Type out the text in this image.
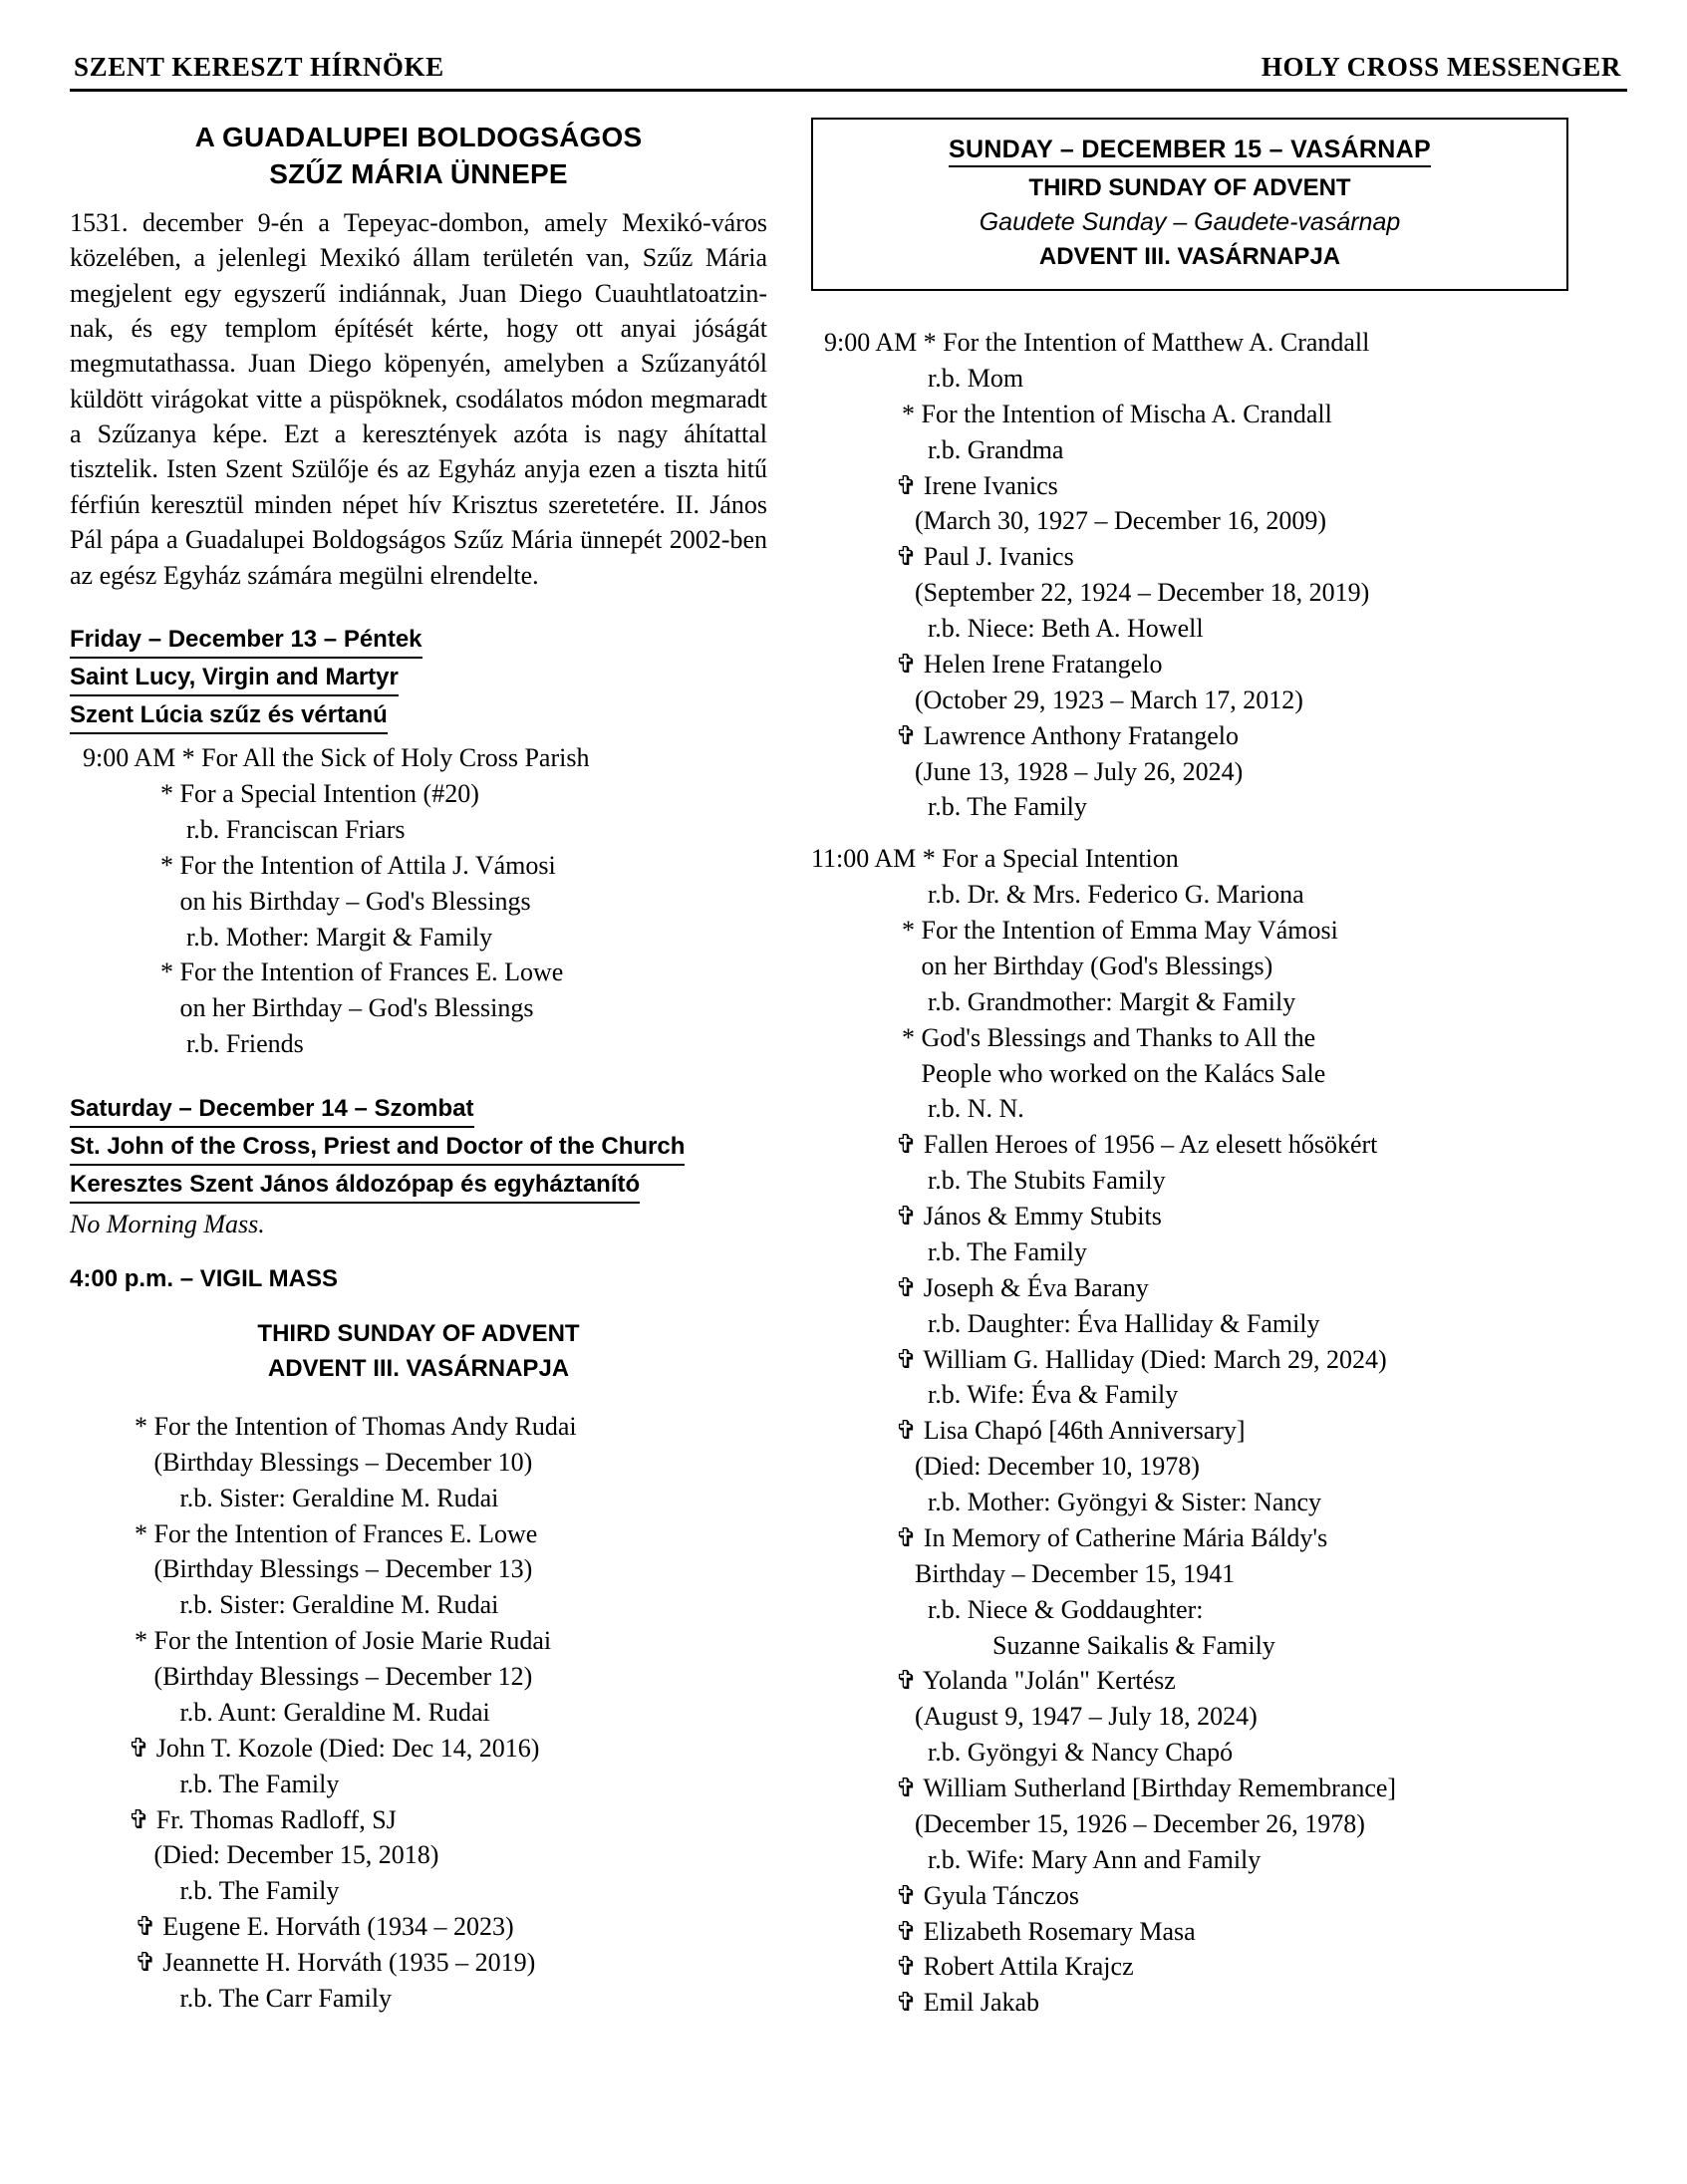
SZENT KERESZT HÍRNÖKE	HOLY CROSS MESSENGER
A GUADALUPEI BOLDOGSÁGOS
SZŰZ MÁRIA ÜNNEPE

1531. december 9-én a Tepeyac-dombon, amely Mexikó-város közelében, a jelenlegi Mexikó állam területén van, Szűz Mária megjelent egy egyszerű indiánnak, Juan Diego Cuauhtlatoatzin-nak, és egy templom építését kérte, hogy ott anyai jóságát megmutathassa. Juan Diego köpenyén, amelyben a Szűzanyától küldött virágokat vitte a püspöknek, csodálatos módon megmaradt a Szűzanya képe. Ezt a keresztények azóta is nagy áhítattal tisztelik. Isten Szent Szülője és az Egyház anyja ezen a tiszta hitű férfiún keresztül minden népet hív Krisztus szeretetére. II. János Pál pápa a Guadalupei Boldogságos Szűz Mária ünnepét 2002-ben az egész Egyház számára megülni elrendelte.

Friday – December 13 – Péntek
Saint Lucy, Virgin and Martyr
Szent Lúcia szűz és vértanú
9:00 AM * For All the Sick of Holy Cross Parish
* For a Special Intention (#20)
r.b. Franciscan Friars
* For the Intention of Attila J. Vámosi
on his Birthday – God's Blessings
r.b. Mother: Margit & Family
* For the Intention of Frances E. Lowe
on her Birthday – God's Blessings
r.b. Friends
Saturday – December 14 – Szombat
St. John of the Cross, Priest and Doctor of the Church
Keresztes Szent János áldozópap és egyháztanító
No Morning Mass.
4:00 p.m. – VIGIL MASS
THIRD SUNDAY OF ADVENT
ADVENT III. VASÁRNAPJA
* For the Intention of Thomas Andy Rudai
(Birthday Blessings – December 10)
r.b. Sister: Geraldine M. Rudai
* For the Intention of Frances E. Lowe
(Birthday Blessings – December 13)
r.b. Sister: Geraldine M. Rudai
* For the Intention of Josie Marie Rudai
(Birthday Blessings – December 12)
r.b. Aunt: Geraldine M. Rudai
✞ John T. Kozole (Died: Dec 14, 2016)
r.b. The Family
✞ Fr. Thomas Radloff, SJ
(Died: December 15, 2018)
r.b. The Family
✞ Eugene E. Horváth (1934 – 2023)
✞ Jeannette H. Horváth (1935 – 2019)
r.b. The Carr Family
SUNDAY – DECEMBER 15 – VASÁRNAP
THIRD SUNDAY OF ADVENT
Gaudete Sunday – Gaudete-vasárnap
ADVENT III. VASÁRNAPJA
9:00 AM * For the Intention of Matthew A. Crandall
r.b. Mom
* For the Intention of Mischa A. Crandall
r.b. Grandma
✞ Irene Ivanics
(March 30, 1927 – December 16, 2009)
✞ Paul J. Ivanics
(September 22, 1924 – December 18, 2019)
r.b. Niece: Beth A. Howell
✞ Helen Irene Fratangelo
(October 29, 1923 – March 17, 2012)
✞ Lawrence Anthony Fratangelo
(June 13, 1928 – July 26, 2024)
r.b. The Family
11:00 AM * For a Special Intention
r.b. Dr. & Mrs. Federico G. Mariona
* For the Intention of Emma May Vámosi
on her Birthday (God's Blessings)
r.b. Grandmother: Margit & Family
* God's Blessings and Thanks to All the
People who worked on the Kalács Sale
r.b. N. N.
✞ Fallen Heroes of 1956 – Az elesett hősökért
r.b. The Stubits Family
✞ János & Emmy Stubits
r.b. The Family
✞ Joseph & Éva Barany
r.b. Daughter: Éva Halliday & Family
✞ William G. Halliday (Died: March 29, 2024)
r.b. Wife: Éva & Family
✞ Lisa Chapó [46th Anniversary]
(Died: December 10, 1978)
r.b. Mother: Gyöngyi & Sister: Nancy
✞ In Memory of Catherine Mária Báldy's
Birthday – December 15, 1941
r.b. Niece & Goddaughter:
Suzanne Saikalis & Family
✞ Yolanda "Jolán" Kertész
(August 9, 1947 – July 18, 2024)
r.b. Gyöngyi & Nancy Chapó
✞ William Sutherland [Birthday Remembrance]
(December 15, 1926 – December 26, 1978)
r.b. Wife: Mary Ann and Family
✞ Gyula Tánczos
✞ Elizabeth Rosemary Masa
✞ Robert Attila Krajcz
✞ Emil Jakab
